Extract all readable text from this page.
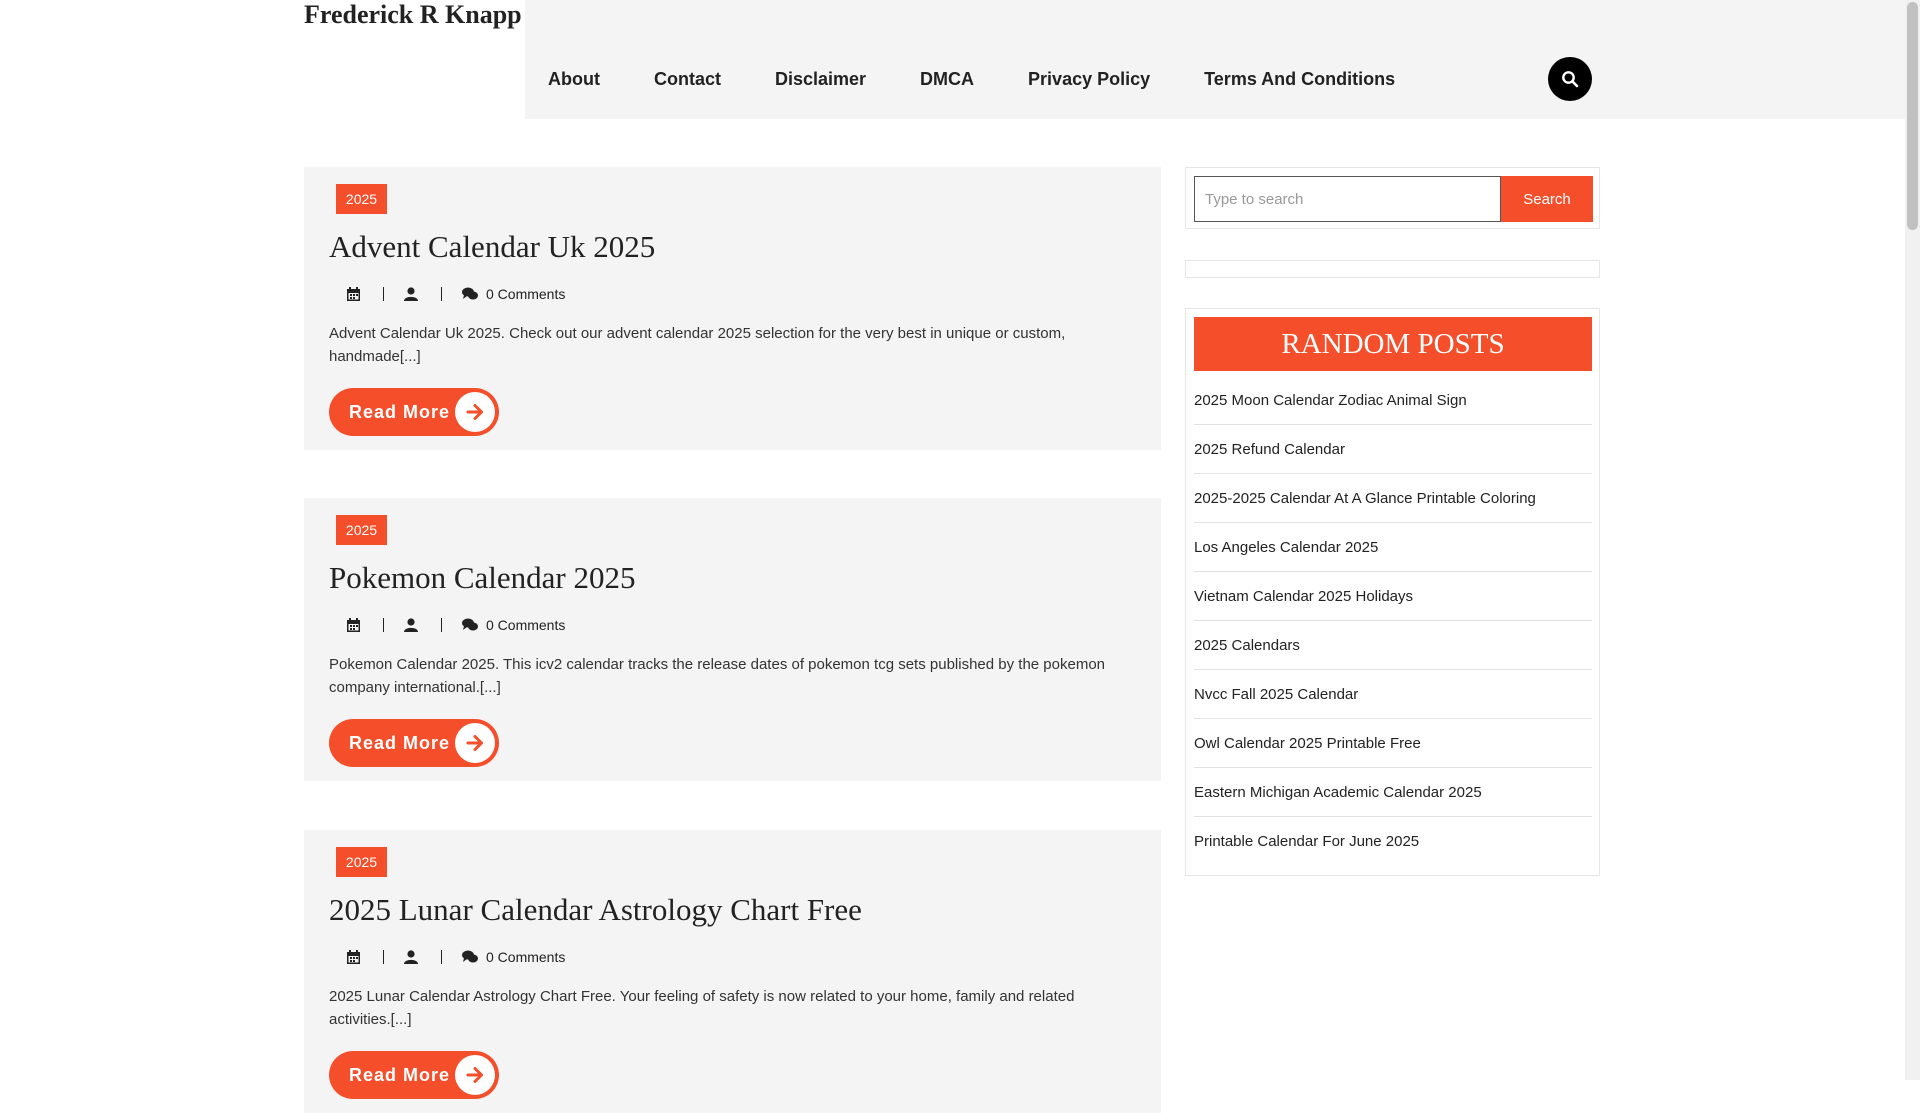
Frederick R Knapp
About	Contact	Disclaimer	DMCA	Privacy Policy	Terms And Conditions
2025
Advent Calendar Uk 2025
0 Comments
Advent Calendar Uk 2025. Check out our advent calendar 2025 selection for the very best in unique or custom, handmade[...]
Read More
2025
Pokemon Calendar 2025
0 Comments
Pokemon Calendar 2025. This icv2 calendar tracks the release dates of pokemon tcg sets published by the pokemon company international.[...]
Read More
2025
2025 Lunar Calendar Astrology Chart Free
0 Comments
2025 Lunar Calendar Astrology Chart Free. Your feeling of safety is now related to your home, family and related activities.[...]
Read More
Type to search
Search
RANDOM POSTS
2025 Moon Calendar Zodiac Animal Sign
2025 Refund Calendar
2025-2025 Calendar At A Glance Printable Coloring
Los Angeles Calendar 2025
Vietnam Calendar 2025 Holidays
2025 Calendars
Nvcc Fall 2025 Calendar
Owl Calendar 2025 Printable Free
Eastern Michigan Academic Calendar 2025
Printable Calendar For June 2025
